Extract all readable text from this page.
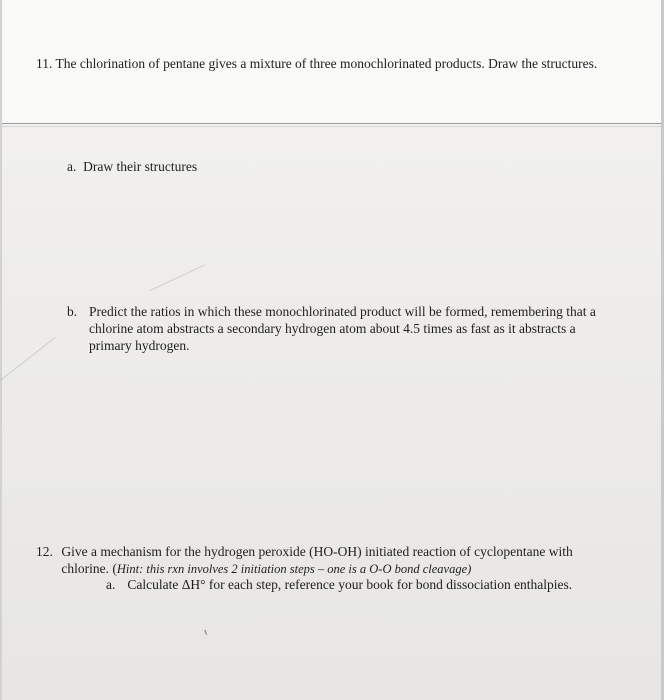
11. The chlorination of pentane gives a mixture of three monochlorinated products. Draw the structures.
a. Draw their structures
b. Predict the ratios in which these monochlorinated product will be formed, remembering that a
chlorine atom abstracts a secondary hydrogen atom about 4.5 times as fast as it abstracts a
primary hydrogen.
12. Give a mechanism for the hydrogen peroxide (HO-OH) initiated reaction of cyclopentane with
chlorine. (Hint: this rxn involves 2 initiation steps – one is a O-O bond cleavage)
a. Calculate ΔH° for each step, reference your book for bond dissociation enthalpies.
